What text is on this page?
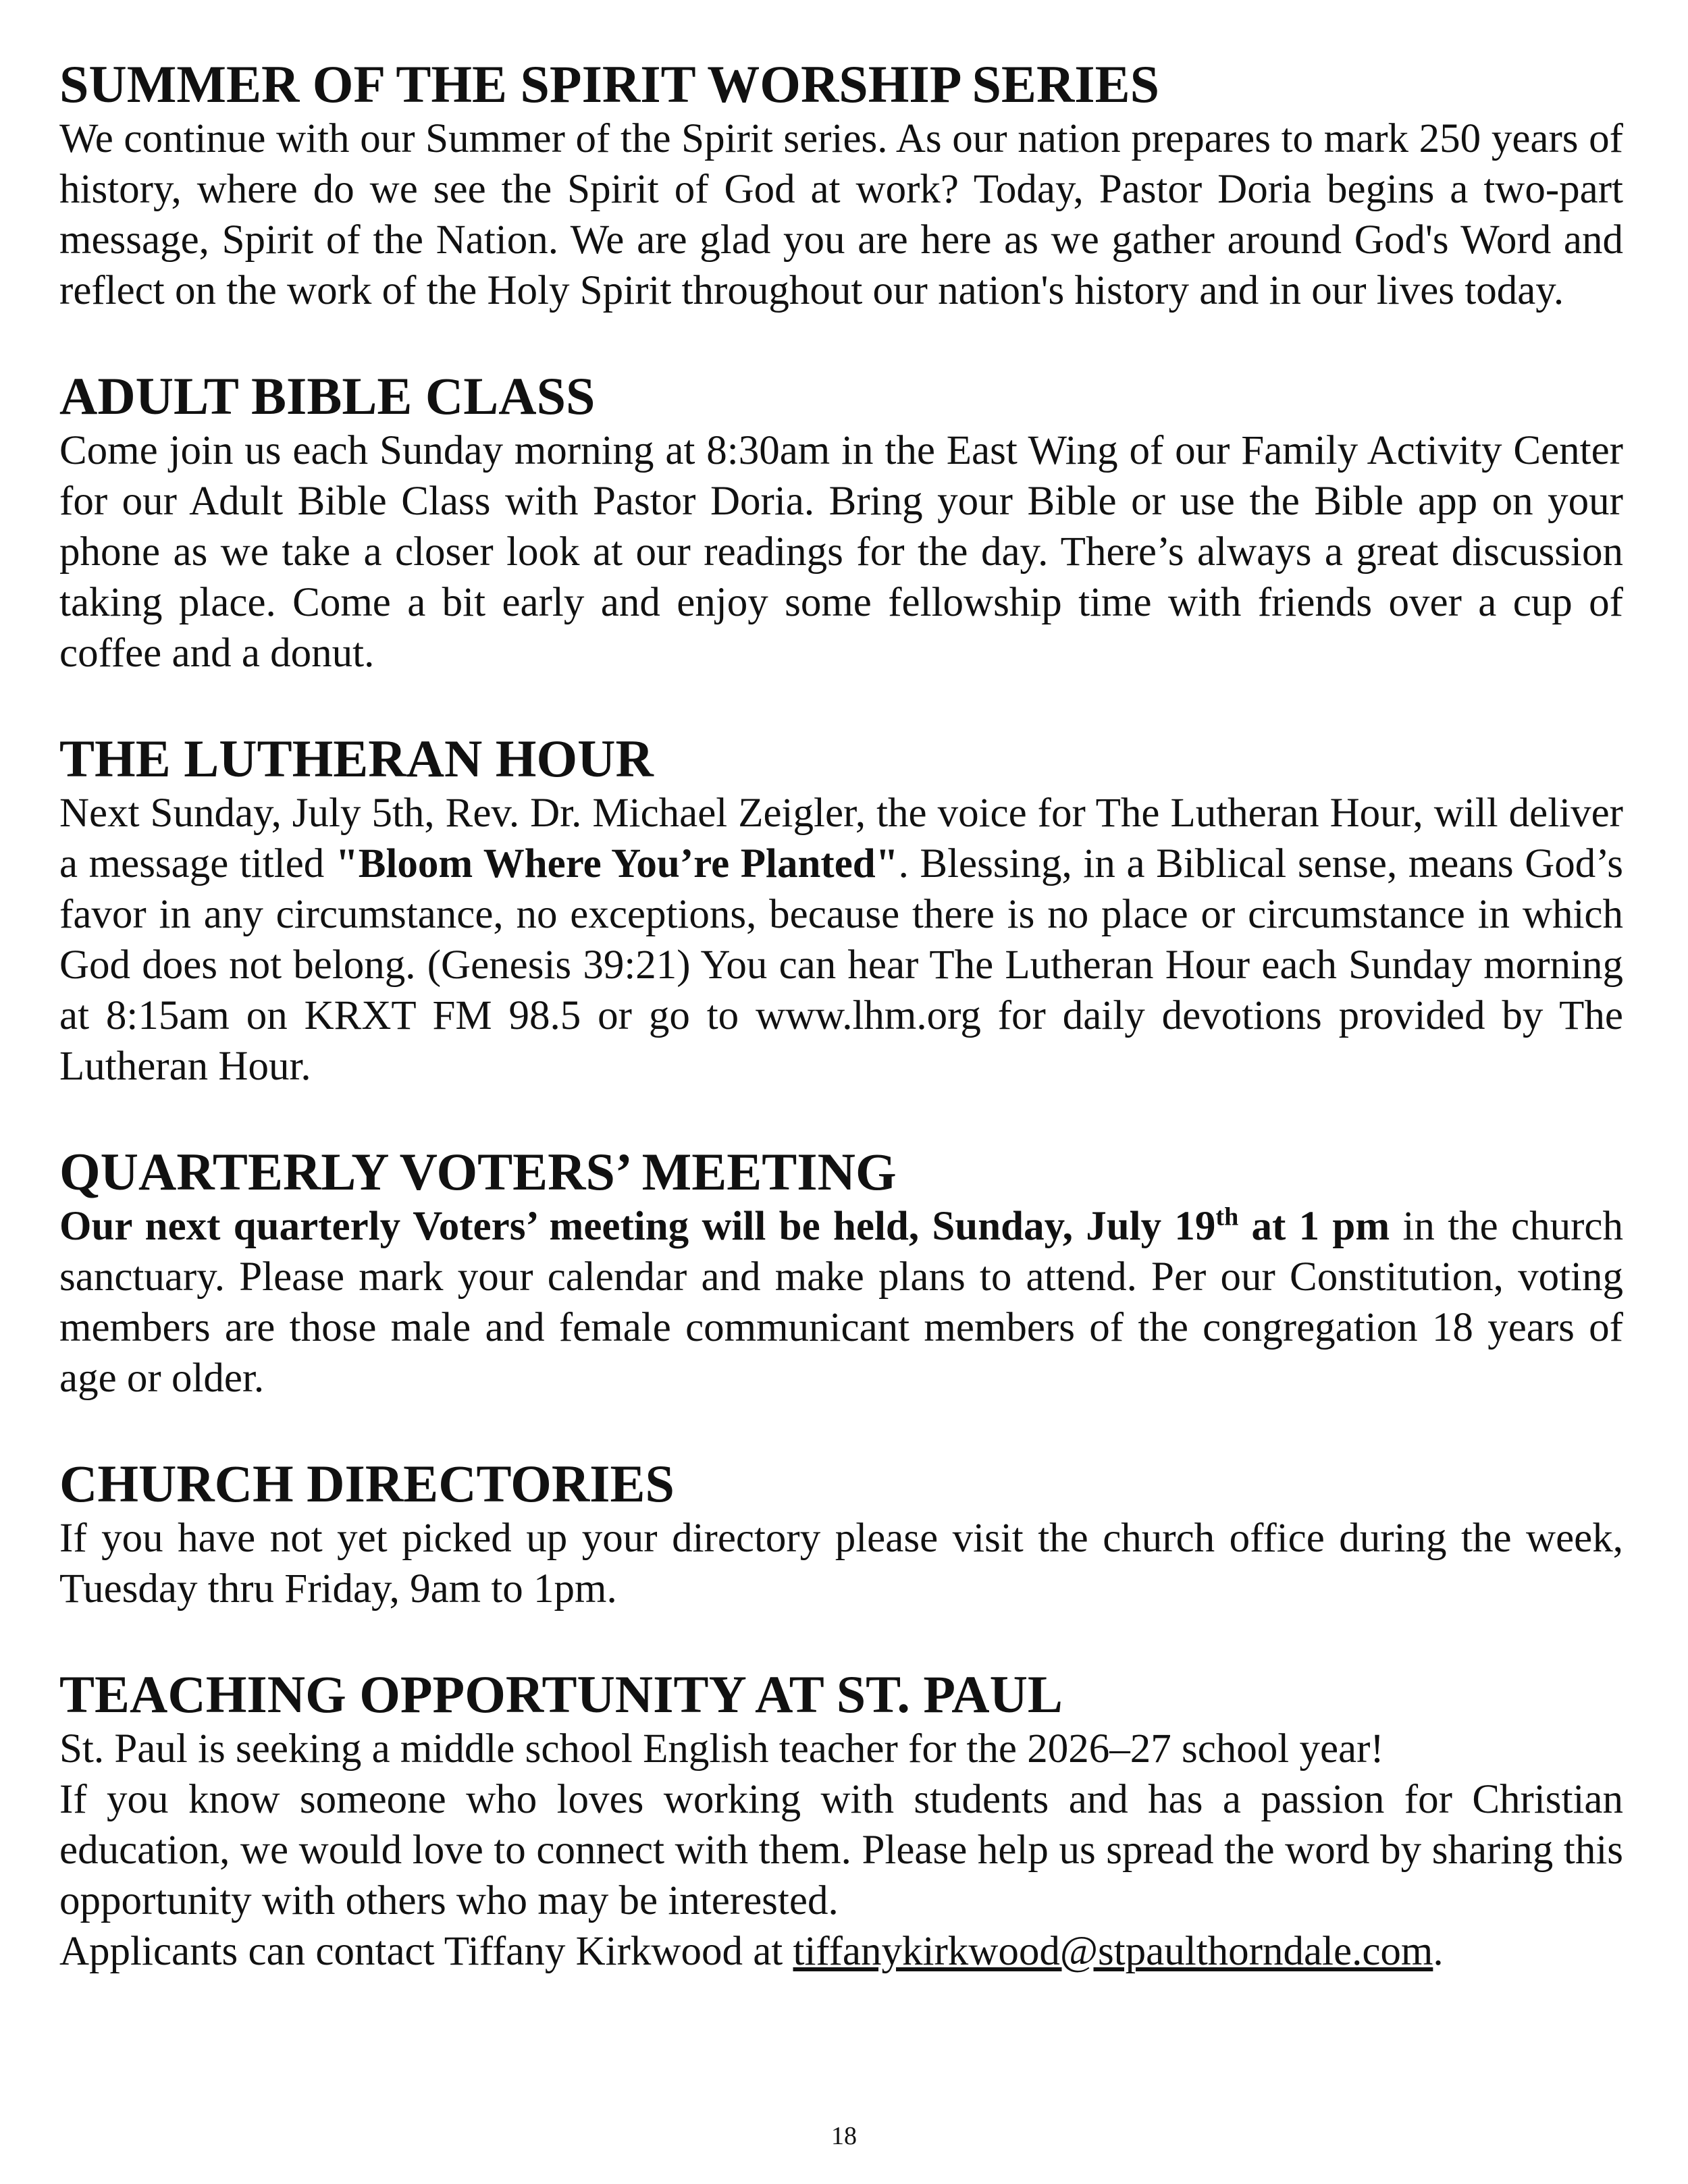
SUMMER OF THE SPIRIT WORSHIP SERIES

We continue with our Summer of the Spirit series. As our nation prepares to mark 250 years of history, where do we see the Spirit of God at work? Today, Pastor Doria begins a two-part message, Spirit of the Nation. We are glad you are here as we gather around God's Word and reflect on the work of the Holy Spirit throughout our nation's history and in our lives today.

ADULT BIBLE CLASS

Come join us each Sunday morning at 8:30am in the East Wing of our Family Activity Center for our Adult Bible Class with Pastor Doria. Bring your Bible or use the Bible app on your phone as we take a closer look at our readings for the day. There’s always a great discussion taking place. Come a bit early and enjoy some fellowship time with friends over a cup of coffee and a donut.

THE LUTHERAN HOUR

Next Sunday, July 5th, Rev. Dr. Michael Zeigler, the voice for The Lutheran Hour, will deliver a message titled "Bloom Where You’re Planted". Blessing, in a Biblical sense, means God’s favor in any circumstance, no exceptions, because there is no place or circumstance in which God does not belong. (Genesis 39:21) You can hear The Lutheran Hour each Sunday morning at 8:15am on KRXT FM 98.5 or go to www.lhm.org for daily devotions provided by The Lutheran Hour.

QUARTERLY VOTERS’ MEETING

Our next quarterly Voters’ meeting will be held, Sunday, July 19th at 1 pm in the church sanctuary. Please mark your calendar and make plans to attend. Per our Constitution, voting members are those male and female communicant members of the congregation 18 years of age or older.

CHURCH DIRECTORIES

If you have not yet picked up your directory please visit the church office during the week, Tuesday thru Friday, 9am to 1pm.

TEACHING OPPORTUNITY AT ST. PAUL

St. Paul is seeking a middle school English teacher for the 2026–27 school year!

If you know someone who loves working with students and has a passion for Christian education, we would love to connect with them. Please help us spread the word by sharing this opportunity with others who may be interested.

Applicants can contact Tiffany Kirkwood at tiffanykirkwood@stpaulthorndale.com.

18
